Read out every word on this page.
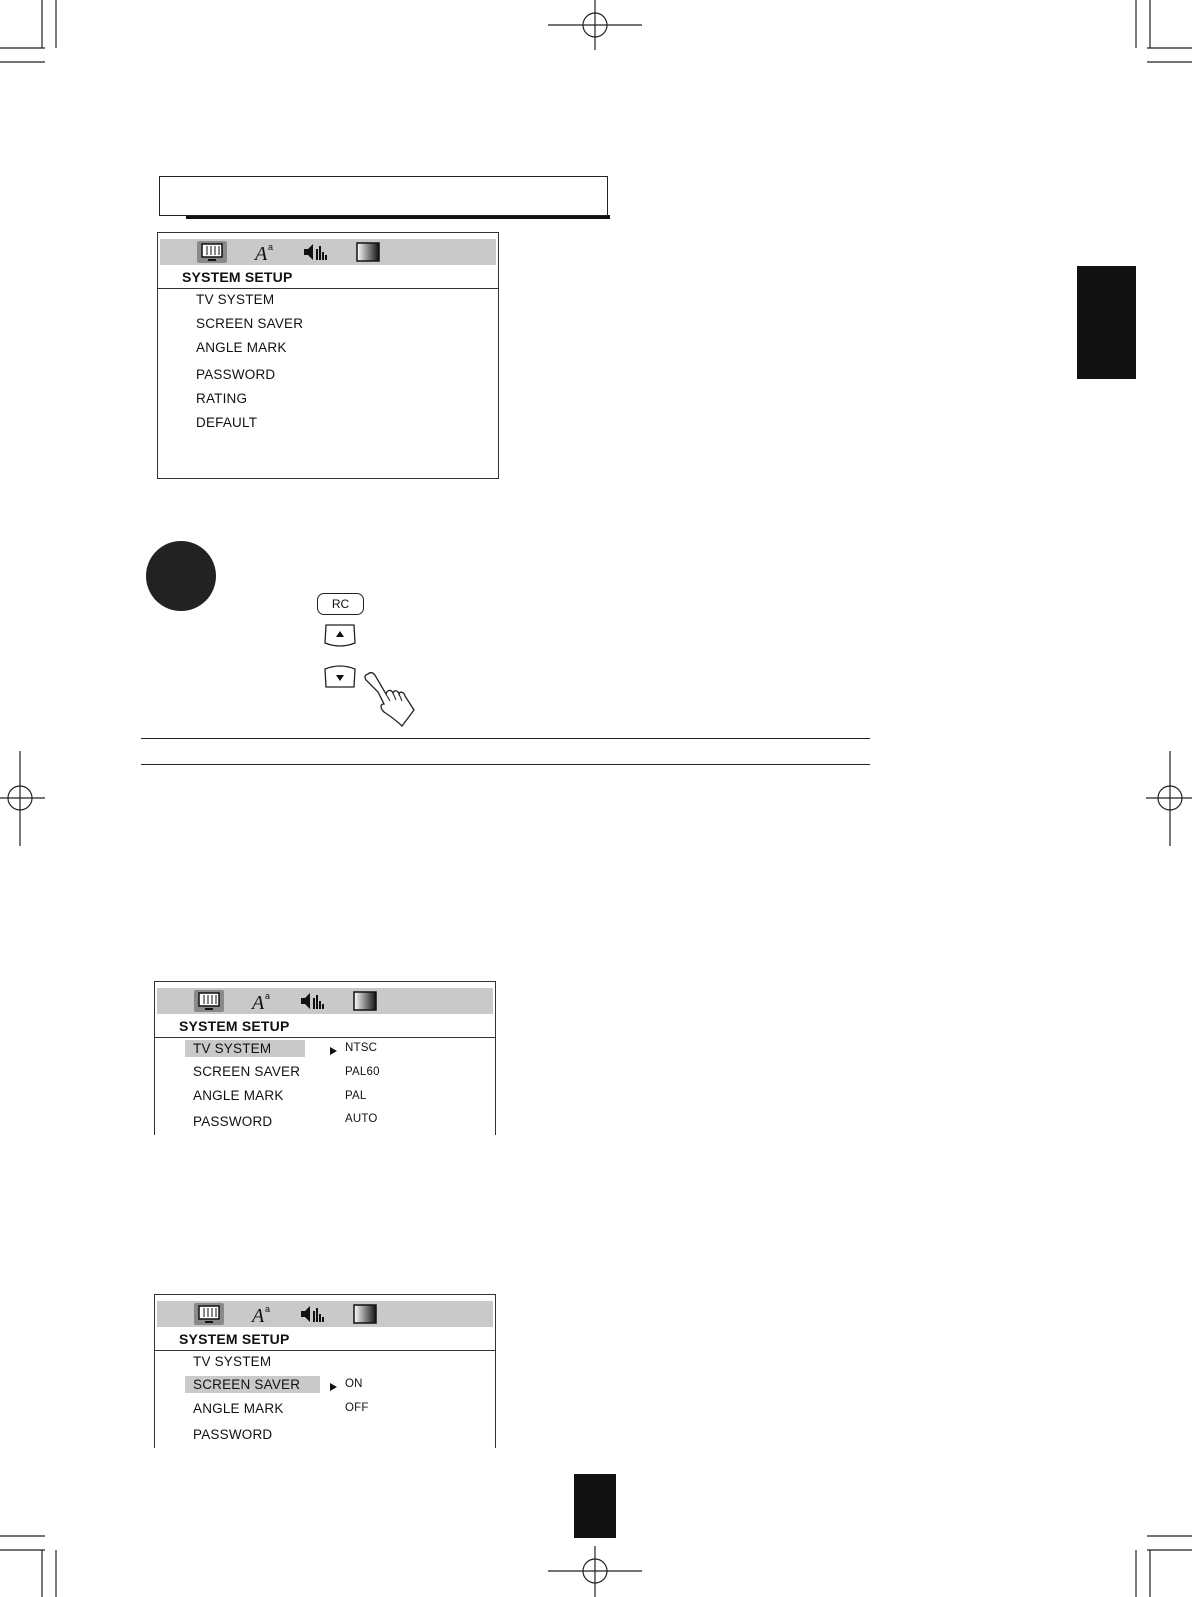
A a
SYSTEM SETUP
TV SYSTEM
SCREEN SAVER
ANGLE MARK
PASSWORD
RATING
DEFAULT
RC
A a
SYSTEM SETUP
TV SYSTEM
SCREEN SAVER
ANGLE MARK
PASSWORD
NTSC
PAL60
PAL
AUTO
A a
SYSTEM SETUP
TV SYSTEM
SCREEN SAVER
ANGLE MARK
PASSWORD
ON
OFF
